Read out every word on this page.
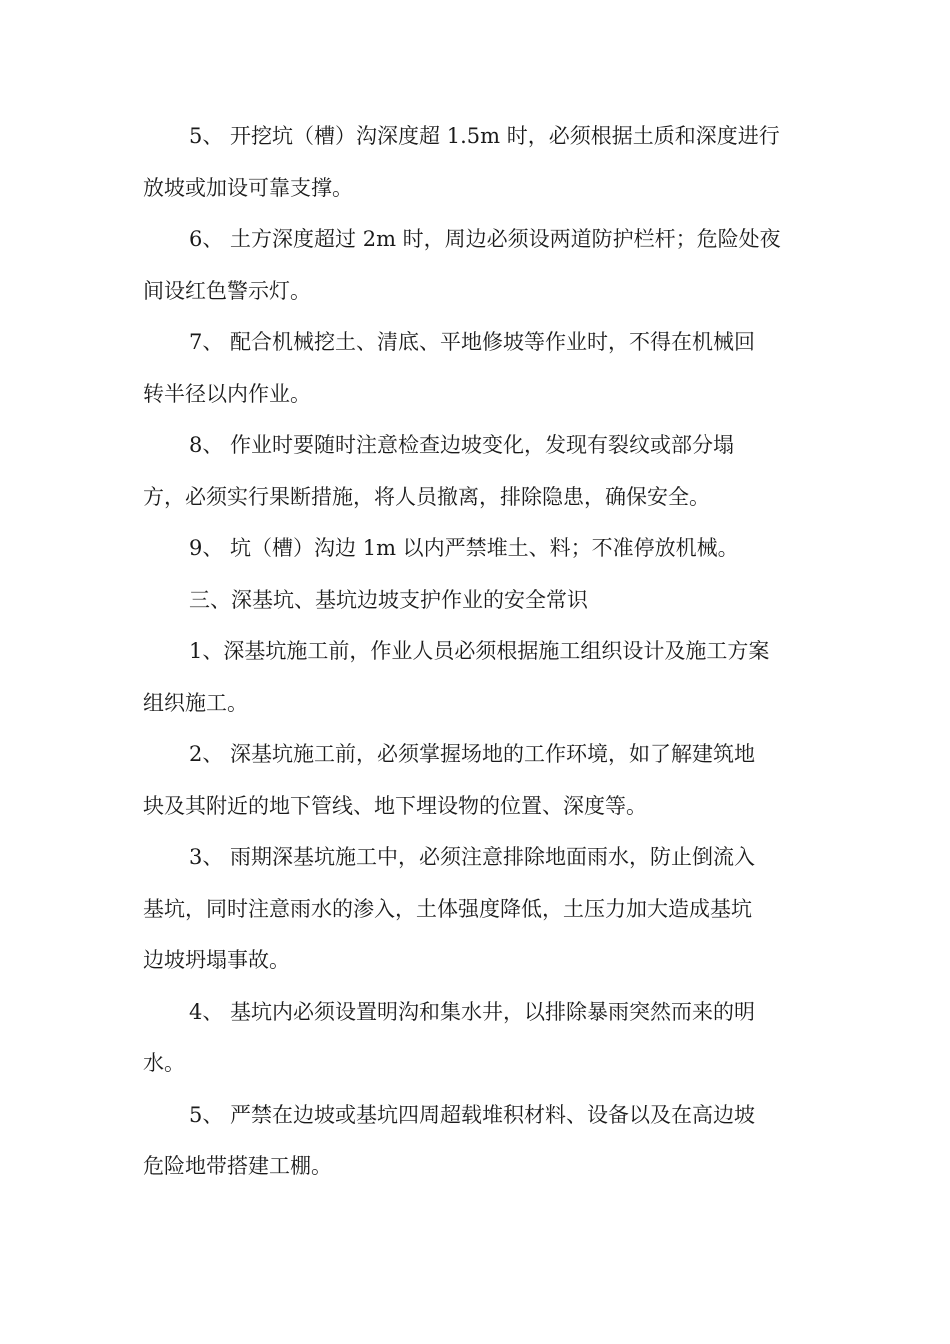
5、 开挖坑（槽）沟深度超 1.5m 时，必须根据土质和深度进行
放坡或加设可靠支撑。

6、 土方深度超过 2m 时，周边必须设两道防护栏杆；危险处夜
间设红色警示灯。

7、 配合机械挖土、清底、平地修坡等作业时，不得在机械回
转半径以内作业。

8、 作业时要随时注意检查边坡变化，发现有裂纹或部分塌
方，必须实行果断措施，将人员撤离，排除隐患，确保安全。

9、 坑（槽）沟边 1m 以内严禁堆土、料；不准停放机械。

三、深基坑、基坑边坡支护作业的安全常识

1、深基坑施工前，作业人员必须根据施工组织设计及施工方案
组织施工。

2、 深基坑施工前，必须掌握场地的工作环境，如了解建筑地
块及其附近的地下管线、地下埋设物的位置、深度等。

3、 雨期深基坑施工中，必须注意排除地面雨水，防止倒流入
基坑，同时注意雨水的渗入，土体强度降低，土压力加大造成基坑
边坡坍塌事故。

4、 基坑内必须设置明沟和集水井，以排除暴雨突然而来的明
水。

5、 严禁在边坡或基坑四周超载堆积材料、设备以及在高边坡
危险地带搭建工棚。
